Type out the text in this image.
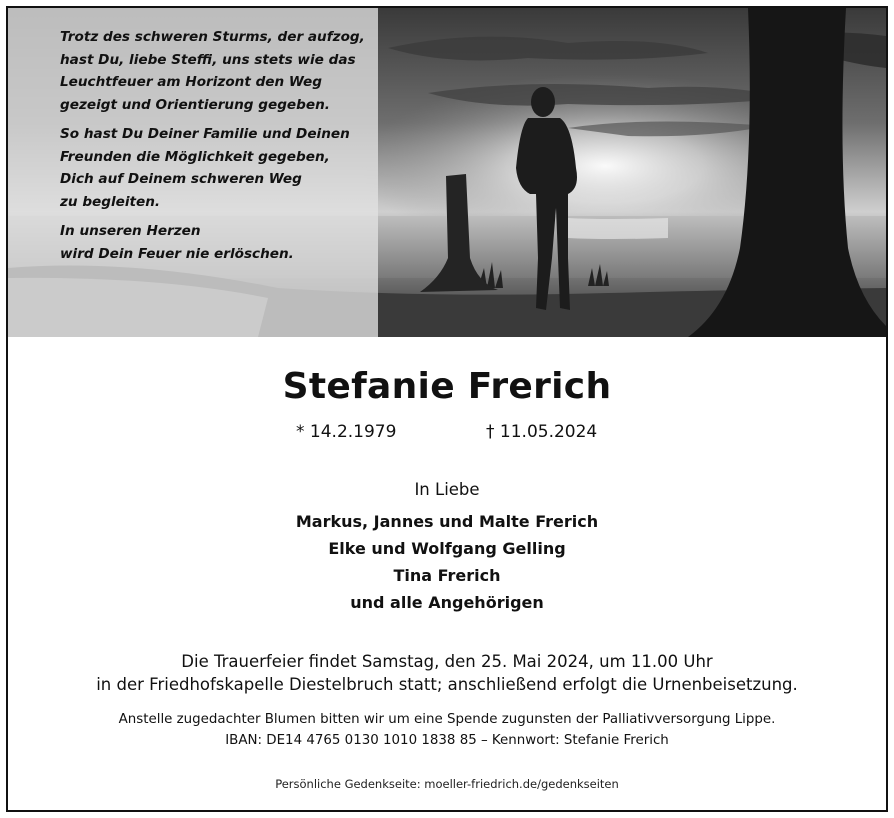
Trotz des schweren Sturms, der aufzog,
hast Du, liebe Steffi, uns stets wie das
Leuchtfeuer am Horizont den Weg
gezeigt und Orientierung gegeben.

So hast Du Deiner Familie und Deinen
Freunden die Möglichkeit gegeben,
Dich auf Deinem schweren Weg
zu begleiten.

In unseren Herzen
wird Dein Feuer nie erlöschen.

Stefanie Frerich
* 14.2.1979	† 11.05.2024
In Liebe
Markus, Jannes und Malte Frerich
Elke und Wolfgang Gelling
Tina Frerich
und alle Angehörigen
Die Trauerfeier findet Samstag, den 25. Mai 2024, um 11.00 Uhr
in der Friedhofskapelle Diestelbruch statt; anschließend erfolgt die Urnenbeisetzung.
Anstelle zugedachter Blumen bitten wir um eine Spende zugunsten der Palliativversorgung Lippe.
IBAN: DE14 4765 0130 1010 1838 85 – Kennwort: Stefanie Frerich
Persönliche Gedenkseite: moeller-friedrich.de/gedenkseiten
